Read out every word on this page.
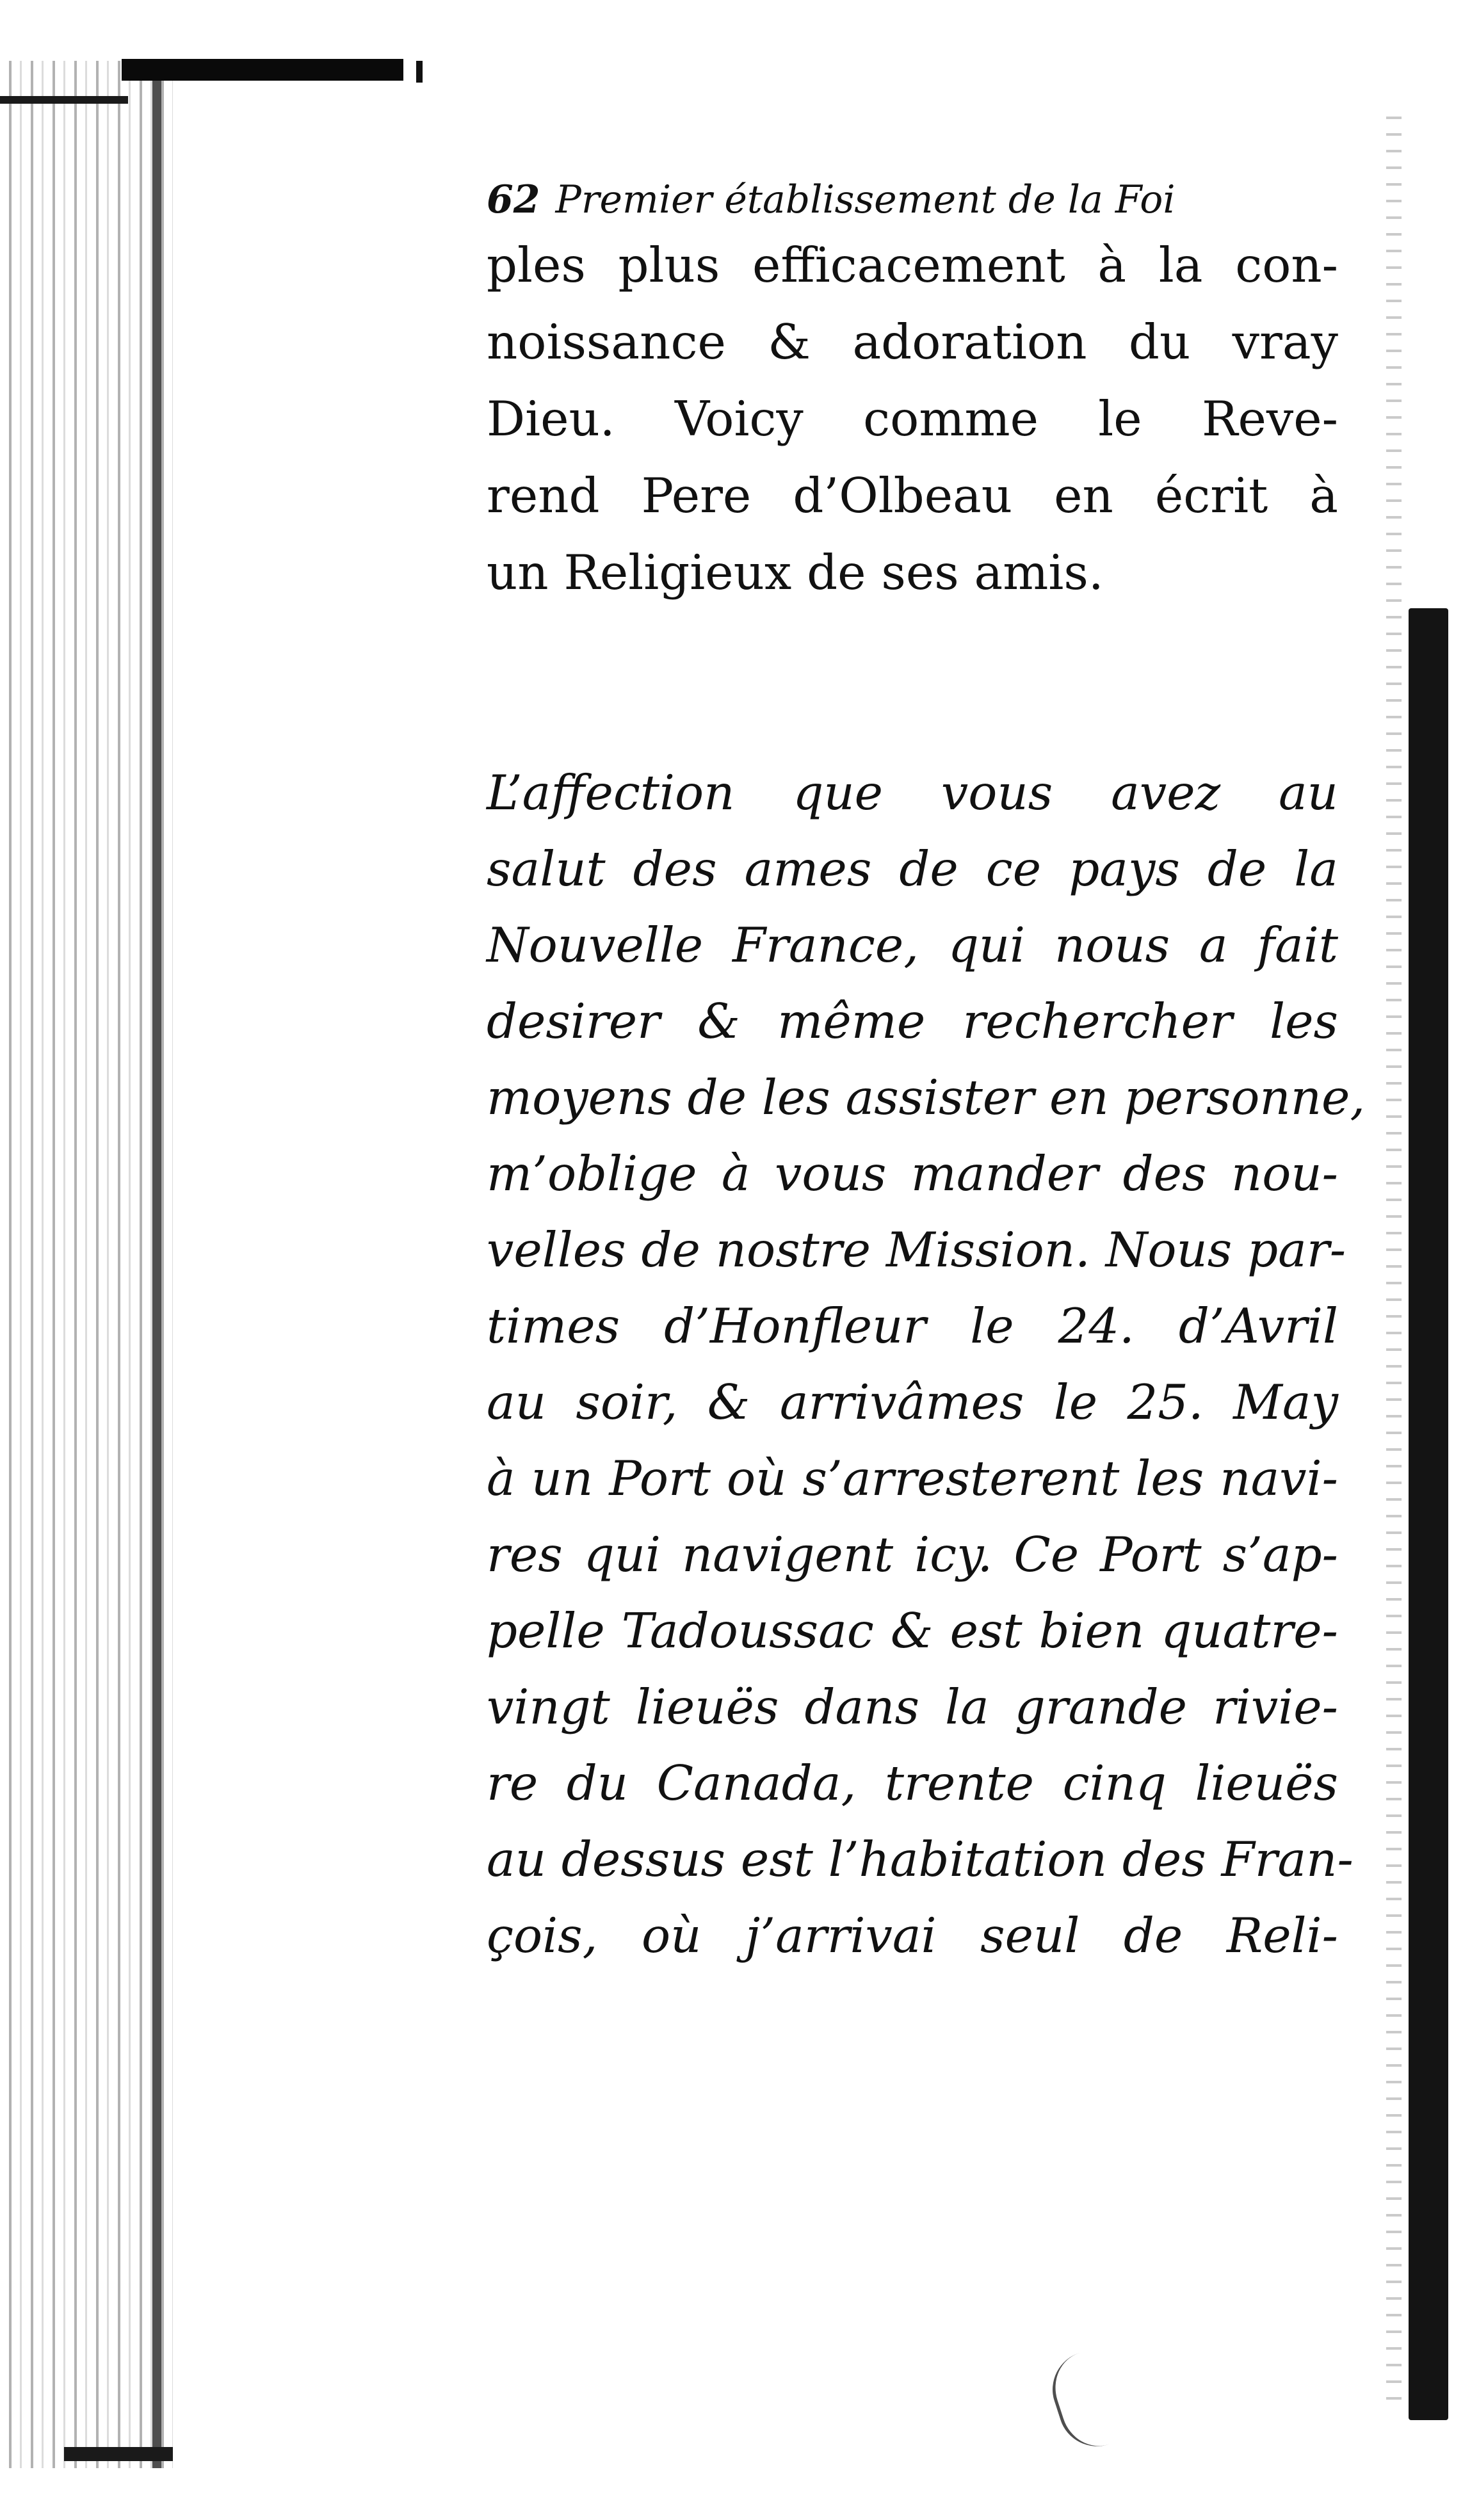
62 Premier établissement de la Foi
ples plus efficacement à la con-
noissance & adoration du vray
Dieu. Voicy comme le Reve-
rend Pere d’Olbeau en écrit à
un Religieux de ses amis.
L’affection que vous avez au
salut des ames de ce pays de la
Nouvelle France, qui nous a fait
desirer & même rechercher les
moyens de les assister en personne,
m’oblige à vous mander des nou-
velles de nostre Mission. Nous par-
times d’Honfleur le 24. d’Avril
au soir, & arrivâmes le 25. May
à un Port où s’arresterent les navi-
res qui navigent icy. Ce Port s’ap-
pelle Tadoussac & est bien quatre-
vingt lieuës dans la grande rivie-
re du Canada, trente cinq lieuës
au dessus est l’habitation des Fran-
çois, où j’arrivai seul de Reli-
